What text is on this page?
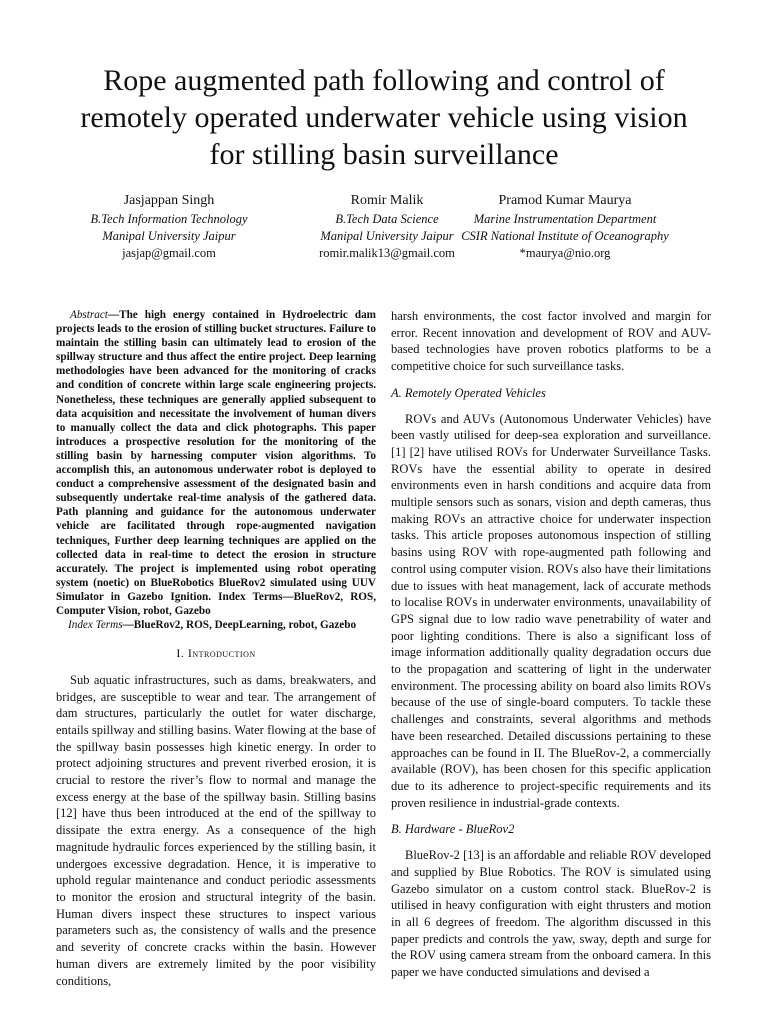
Rope augmented path following and control of remotely operated underwater vehicle using vision for stilling basin surveillance
Jasjappan Singh
B.Tech Information Technology
Manipal University Jaipur
jasjap@gmail.com
Romir Malik
B.Tech Data Science
Manipal University Jaipur
romir.malik13@gmail.com
Pramod Kumar Maurya
Marine Instrumentation Department
CSIR National Institute of Oceanography
*maurya@nio.org

Abstract—The high energy contained in Hydroelectric dam projects leads to the erosion of stilling bucket structures. Failure to maintain the stilling basin can ultimately lead to erosion of the spillway structure and thus affect the entire project. Deep learning methodologies have been advanced for the monitoring of cracks and condition of concrete within large scale engineering projects. Nonetheless, these techniques are generally applied subsequent to data acquisition and necessitate the involvement of human divers to manually collect the data and click photographs. This paper introduces a prospective resolution for the monitoring of the stilling basin by harnessing computer vision algorithms. To accomplish this, an autonomous underwater robot is deployed to conduct a comprehensive assessment of the designated basin and subsequently undertake real-time analysis of the gathered data. Path planning and guidance for the autonomous underwater vehicle are facilitated through rope-augmented navigation techniques, Further deep learning techniques are applied on the collected data in real-time to detect the erosion in structure accurately. The project is implemented using robot operating system (noetic) on BlueRobotics BlueRov2 simulated using UUV Simulator in Gazebo Ignition. Index Terms—BlueRov2, ROS, Computer Vision, robot, Gazebo

Index Terms—BlueRov2, ROS, DeepLearning, robot, Gazebo

I. Introduction

Sub aquatic infrastructures, such as dams, breakwaters, and bridges, are susceptible to wear and tear. The arrangement of dam structures, particularly the outlet for water discharge, entails spillway and stilling basins. Water flowing at the base of the spillway basin possesses high kinetic energy. In order to protect adjoining structures and prevent riverbed erosion, it is crucial to restore the river’s flow to normal and manage the excess energy at the base of the spillway basin. Stilling basins [12] have thus been introduced at the end of the spillway to dissipate the extra energy. As a consequence of the high magnitude hydraulic forces experienced by the stilling basin, it undergoes excessive degradation. Hence, it is imperative to uphold regular maintenance and conduct periodic assessments to monitor the erosion and structural integrity of the basin. Human divers inspect these structures to inspect various parameters such as, the consistency of walls and the presence and severity of concrete cracks within the basin. However human divers are extremely limited by the poor visibility conditions,

harsh environments, the cost factor involved and margin for error. Recent innovation and development of ROV and AUV-based technologies have proven robotics platforms to be a competitive choice for such surveillance tasks.

A. Remotely Operated Vehicles

ROVs and AUVs (Autonomous Underwater Vehicles) have been vastly utilised for deep-sea exploration and surveillance. [1] [2] have utilised ROVs for Underwater Surveillance Tasks. ROVs have the essential ability to operate in desired environments even in harsh conditions and acquire data from multiple sensors such as sonars, vision and depth cameras, thus making ROVs an attractive choice for underwater inspection tasks. This article proposes autonomous inspection of stilling basins using ROV with rope-augmented path following and control using computer vision. ROVs also have their limitations due to issues with heat management, lack of accurate methods to localise ROVs in underwater environments, unavailability of GPS signal due to low radio wave penetrability of water and poor lighting conditions. There is also a significant loss of image information additionally quality degradation occurs due to the propagation and scattering of light in the underwater environment. The processing ability on board also limits ROVs because of the use of single-board computers. To tackle these challenges and constraints, several algorithms and methods have been researched. Detailed discussions pertaining to these approaches can be found in II. The BlueRov-2, a commercially available (ROV), has been chosen for this specific application due to its adherence to project-specific requirements and its proven resilience in industrial-grade contexts.

B. Hardware - BlueRov2

BlueRov-2 [13] is an affordable and reliable ROV developed and supplied by Blue Robotics. The ROV is simulated using Gazebo simulator on a custom control stack. BlueRov-2 is utilised in heavy configuration with eight thrusters and motion in all 6 degrees of freedom. The algorithm discussed in this paper predicts and controls the yaw, sway, depth and surge for the ROV using camera stream from the onboard camera. In this paper we have conducted simulations and devised a
